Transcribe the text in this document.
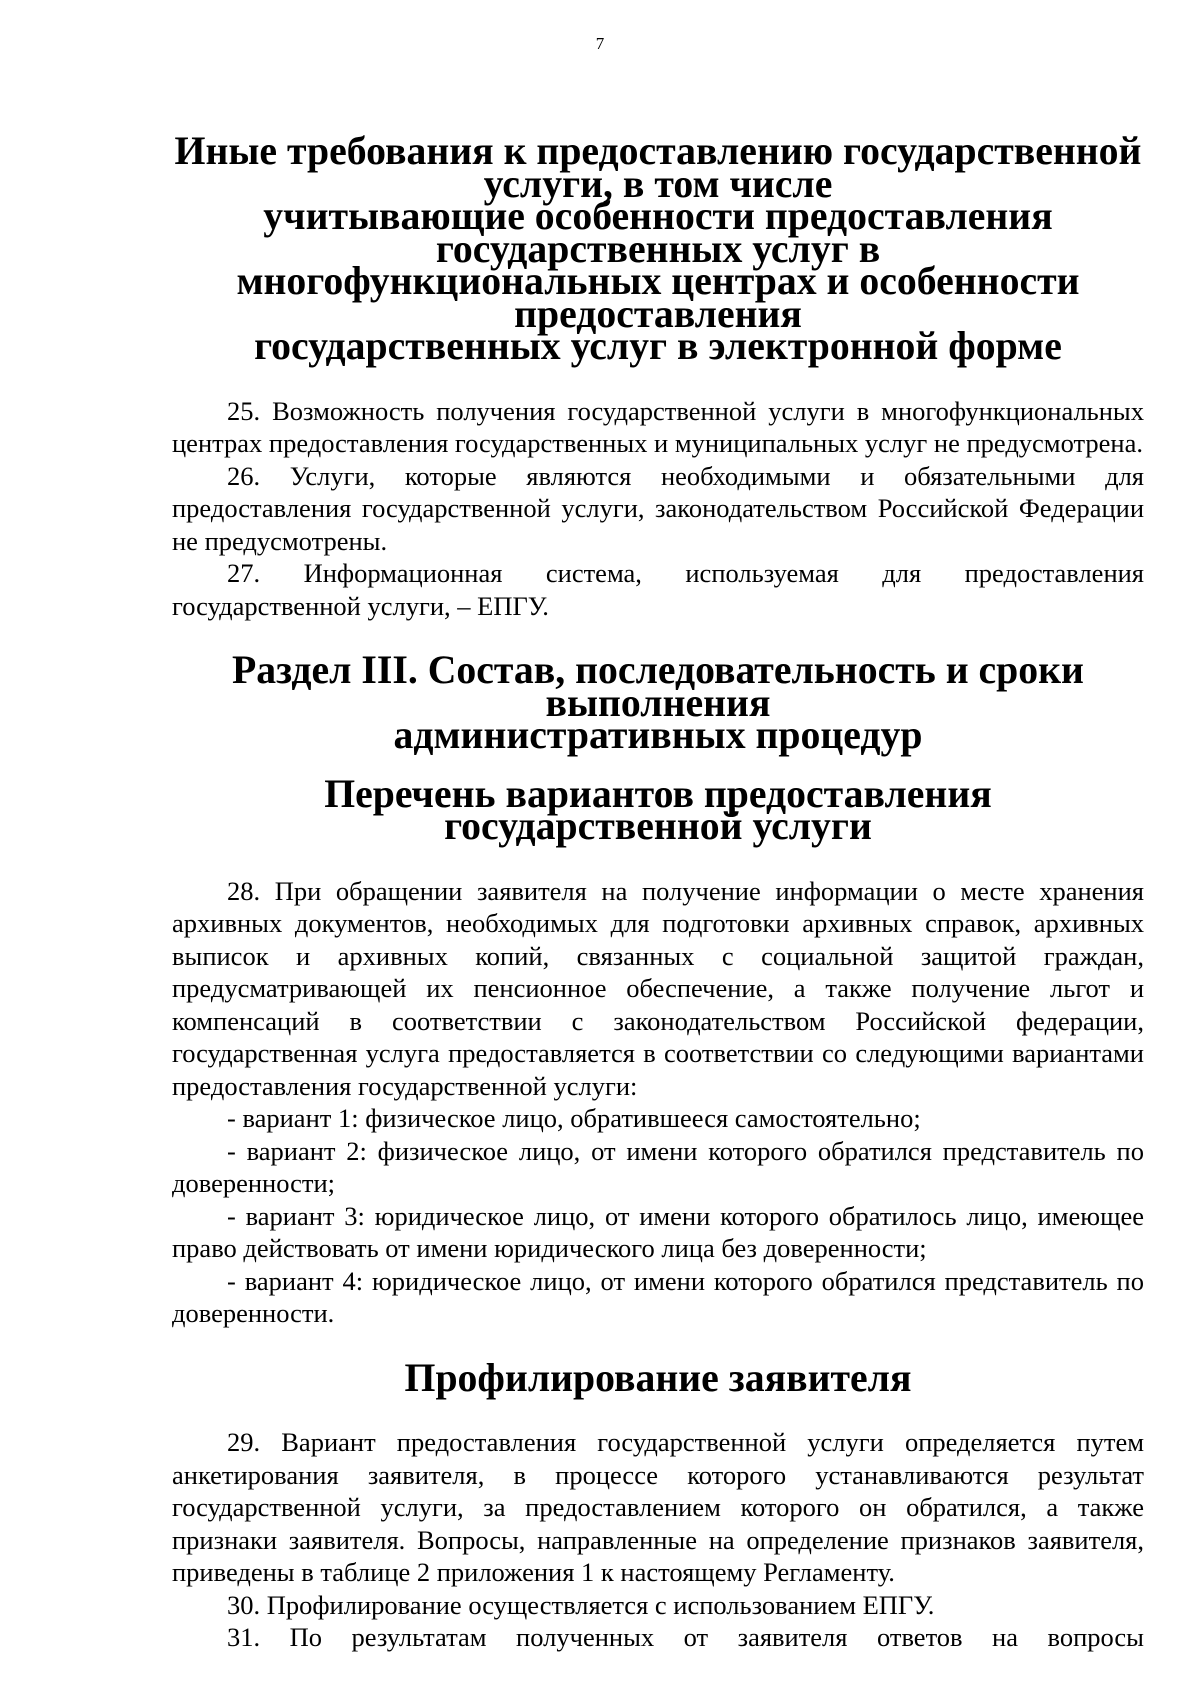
7
Иные требования к предоставлению государственной услуги, в том числе
учитывающие особенности предоставления государственных услуг в
многофункциональных центрах и особенности предоставления
государственных услуг в электронной форме

25. Возможность получения государственной услуги в многофункциональных центрах предоставления государственных и муниципальных услуг не предусмотрена.

26. Услуги, которые являются необходимыми и обязательными для предоставления государственной услуги, законодательством Российской Федерации не предусмотрены.

27. Информационная система, используемая для предоставления государственной услуги, – ЕПГУ.

Раздел III. Состав, последовательность и сроки выполнения
административных процедур
Перечень вариантов предоставления государственной услуги

28. При обращении заявителя на получение информации о месте хранения архивных документов, необходимых для подготовки архивных справок, архивных выписок и архивных копий, связанных с социальной защитой граждан, предусматривающей их пенсионное обеспечение, а также получение льгот и компенсаций в соответствии с законодательством Российской федерации, государственная услуга предоставляется в соответствии со следующими вариантами предоставления государственной услуги:

- вариант 1: физическое лицо, обратившееся самостоятельно;

- вариант 2: физическое лицо, от имени которого обратился представитель по доверенности;

- вариант 3: юридическое лицо, от имени которого обратилось лицо, имеющее право действовать от имени юридического лица без доверенности;

- вариант 4: юридическое лицо, от имени которого обратился представитель по доверенности.

Профилирование заявителя

29. Вариант предоставления государственной услуги определяется путем анкетирования заявителя, в процессе которого устанавливаются результат государственной услуги, за предоставлением которого он обратился, а также признаки заявителя. Вопросы, направленные на определение признаков заявителя, приведены в таблице 2 приложения 1 к настоящему Регламенту.

30. Профилирование осуществляется с использованием ЕПГУ.

31. По результатам полученных от заявителя ответов на вопросы
